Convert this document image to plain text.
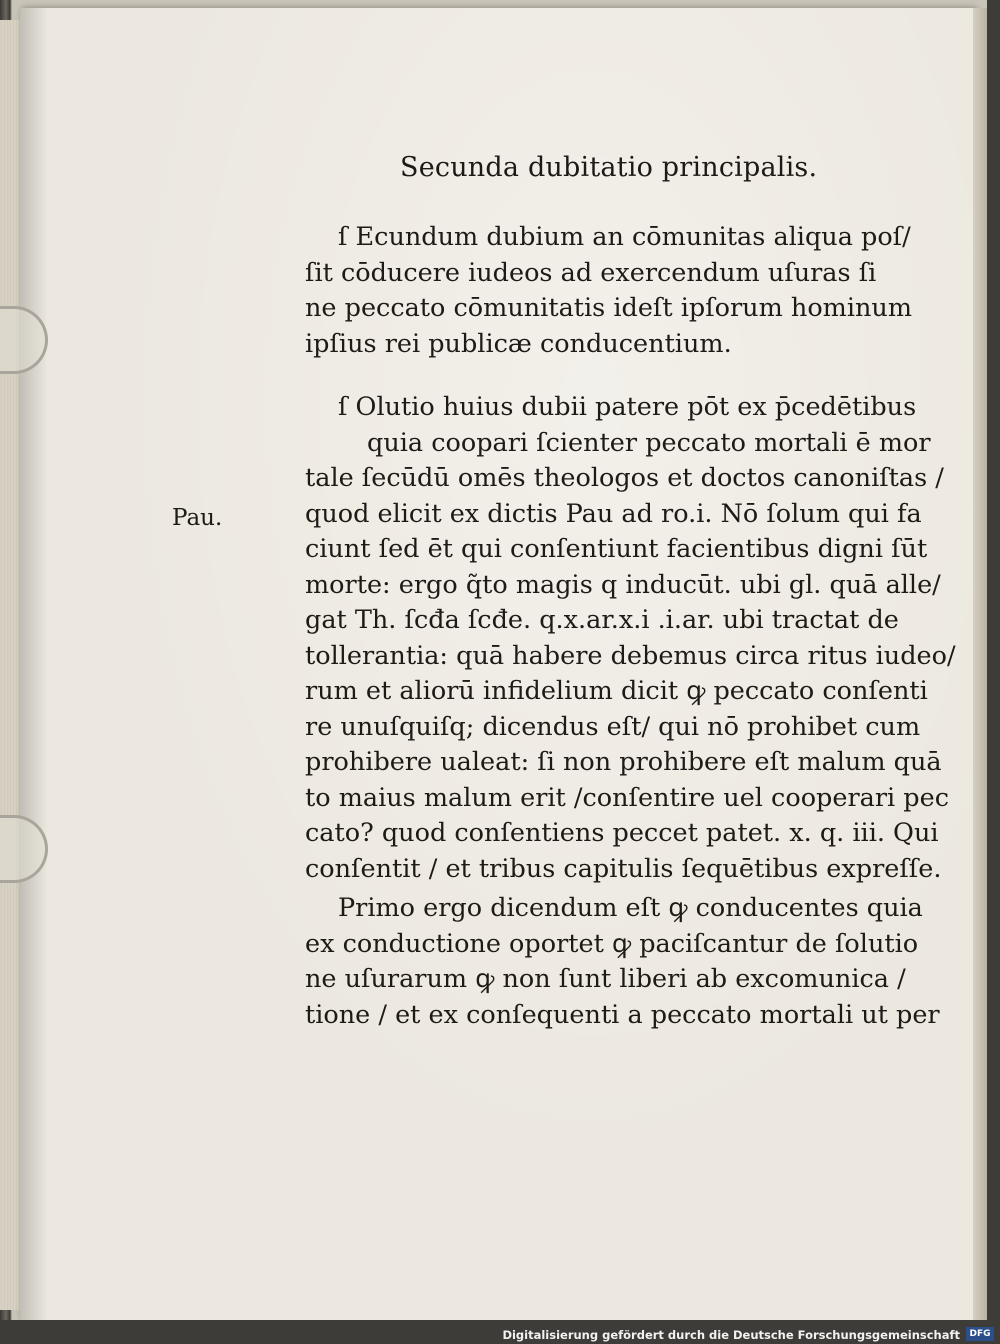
Secunda dubitatio principalis.
Pau.
ſ Ecundum dubium an cōmunitas aliqua poſ/
ſit cōducere iudeos ad exercendum uſuras ſi
ne peccato cōmunitatis ideſt ipſorum hominum
ipſius rei publicæ conducentium.
ſ Olutio huius dubii patere pōt ex p̄cedētibus
quia coopari ſcienter peccato mortali ē mor
tale ſecūdū omēs theologos et doctos canoniſtas /
quod elicit ex dictis Pau ad ro.i. Nō ſolum qui fa
ciunt ſed ēt qui conſentiunt facientibus digni ſūt
morte: ergo q̃to magis q inducūt. ubi gl. quā alle/
gat Th. ſcđa ſcđe. q.x.ar.x.i .i.ar. ubi tractat de
tollerantia: quā habere debemus circa ritus iudeo/
rum et aliorū infidelium dicit ꝙ peccato conſenti
re unuſquiſq; dicendus eſt/ qui nō prohibet cum
prohibere ualeat: ſi non prohibere eſt malum quā
to maius malum erit /conſentire uel cooperari pec
cato? quod conſentiens peccet patet. x. q. iii. Qui
conſentit / et tribus capitulis ſequētibus expreſſe.
Primo ergo dicendum eſt ꝙ conducentes quia
ex conductione oportet ꝙ paciſcantur de ſolutio
ne uſurarum ꝙ non ſunt liberi ab excomunica /
tione / et ex conſequenti a peccato mortali ut per
Digitalisierung gefördert durch die Deutsche Forschungsgemeinschaft	DFG
